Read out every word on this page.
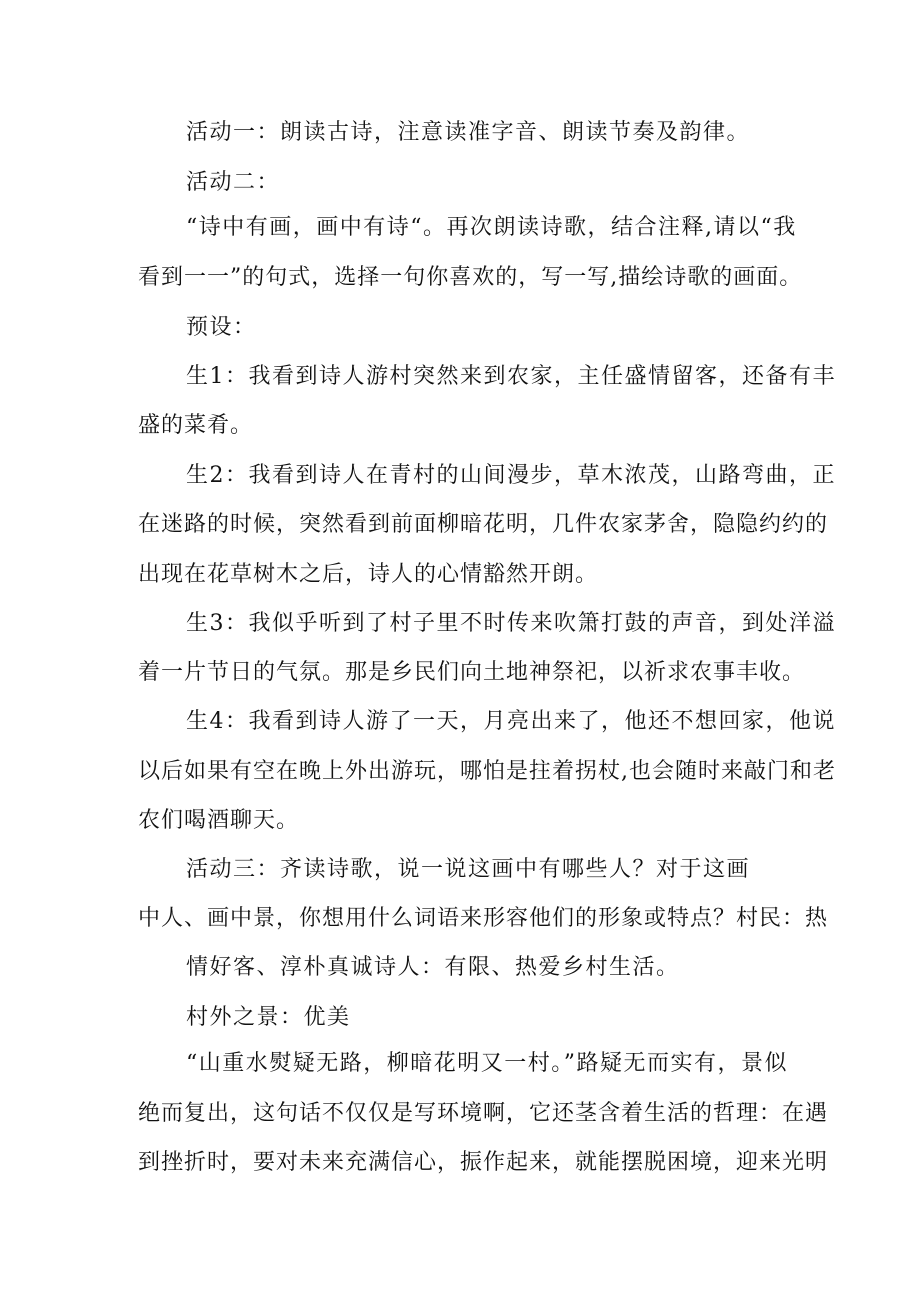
活动一：朗读古诗，注意读准字音、朗读节奏及韵律。
活动二：
“诗中有画，画中有诗“。再次朗读诗歌，结合注释,请以“我
看到一一”的句式，选择一句你喜欢的，写一写,描绘诗歌的画面。
预设：
生1：我看到诗人游村突然来到农家，主任盛情留客，还备有丰
盛的菜肴。
生2：我看到诗人在青村的山间漫步，草木浓茂，山路弯曲，正
在迷路的时候，突然看到前面柳暗花明，几件农家茅舍，隐隐约约的
出现在花草树木之后，诗人的心情豁然开朗。
生3：我似乎听到了村子里不时传来吹箫打鼓的声音，到处洋溢
着一片节日的气氛。那是乡民们向土地神祭祀，以祈求农事丰收。
生4：我看到诗人游了一天，月亮出来了，他还不想回家，他说
以后如果有空在晚上外出游玩，哪怕是拄着拐杖,也会随时来敲门和老
农们喝酒聊天。
活动三：齐读诗歌，说一说这画中有哪些人？对于这画
中人、画中景，你想用什么词语来形容他们的形象或特点？村民：热
情好客、淳朴真诚诗人：有限、热爱乡村生活。
村外之景：优美
“山重水熨疑无路，柳暗花明又一村。”路疑无而实有，景似
绝而复出，这句话不仅仅是写环境啊，它还茎含着生活的哲理：在遇
到挫折时，要对未来充满信心，振作起来，就能摆脱困境，迎来光明
